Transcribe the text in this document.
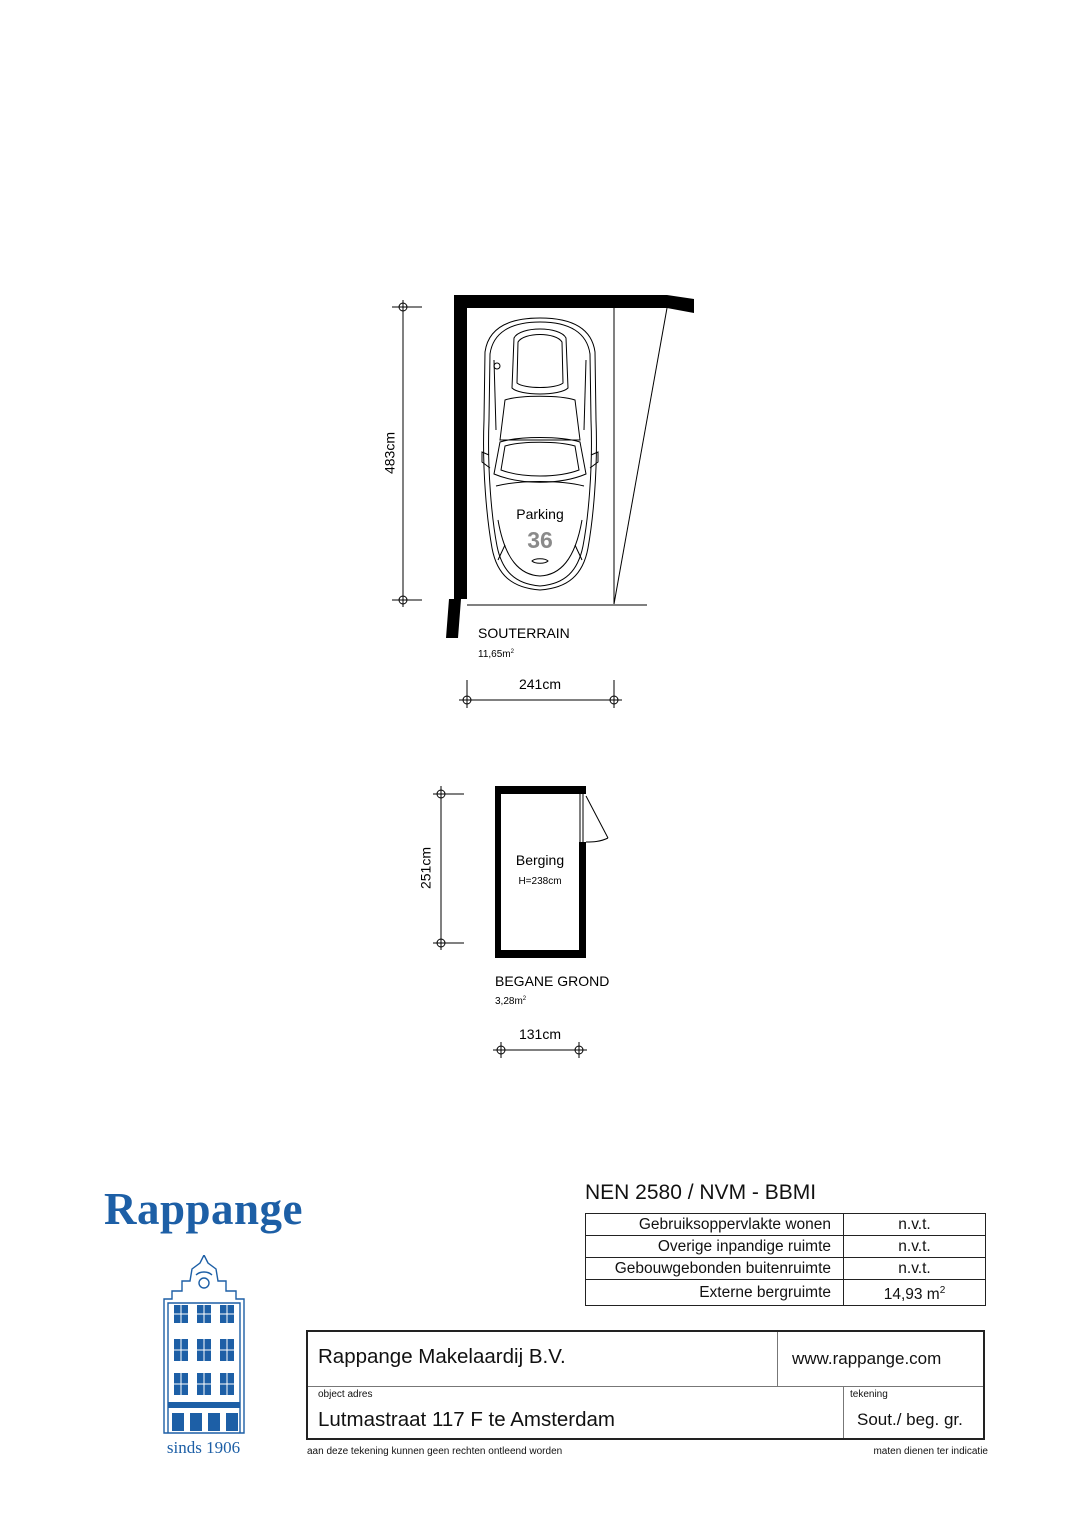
483cm
241cm
Parking
36
SOUTERRAIN
$11,65m^2$
251cm
131cm
Berging
H=238cm
BEGANE GROND
$3,28m^2$
Rappange
sinds 1906
NEN 2580 / NVM - BBMI
Gebruiksoppervlakte wonen	n.v.t.
Overige inpandige ruimte	n.v.t.
Gebouwgebonden buitenruimte	n.v.t.
Externe bergruimte	14,93 $m^2$
Rappange Makelaardij B.V.	www.rappange.com
object adres
Lutmastraat 117 F te Amsterdam
tekening
Sout./ beg. gr.
aan deze tekening kunnen geen rechten ontleend worden	maten dienen ter indicatie
